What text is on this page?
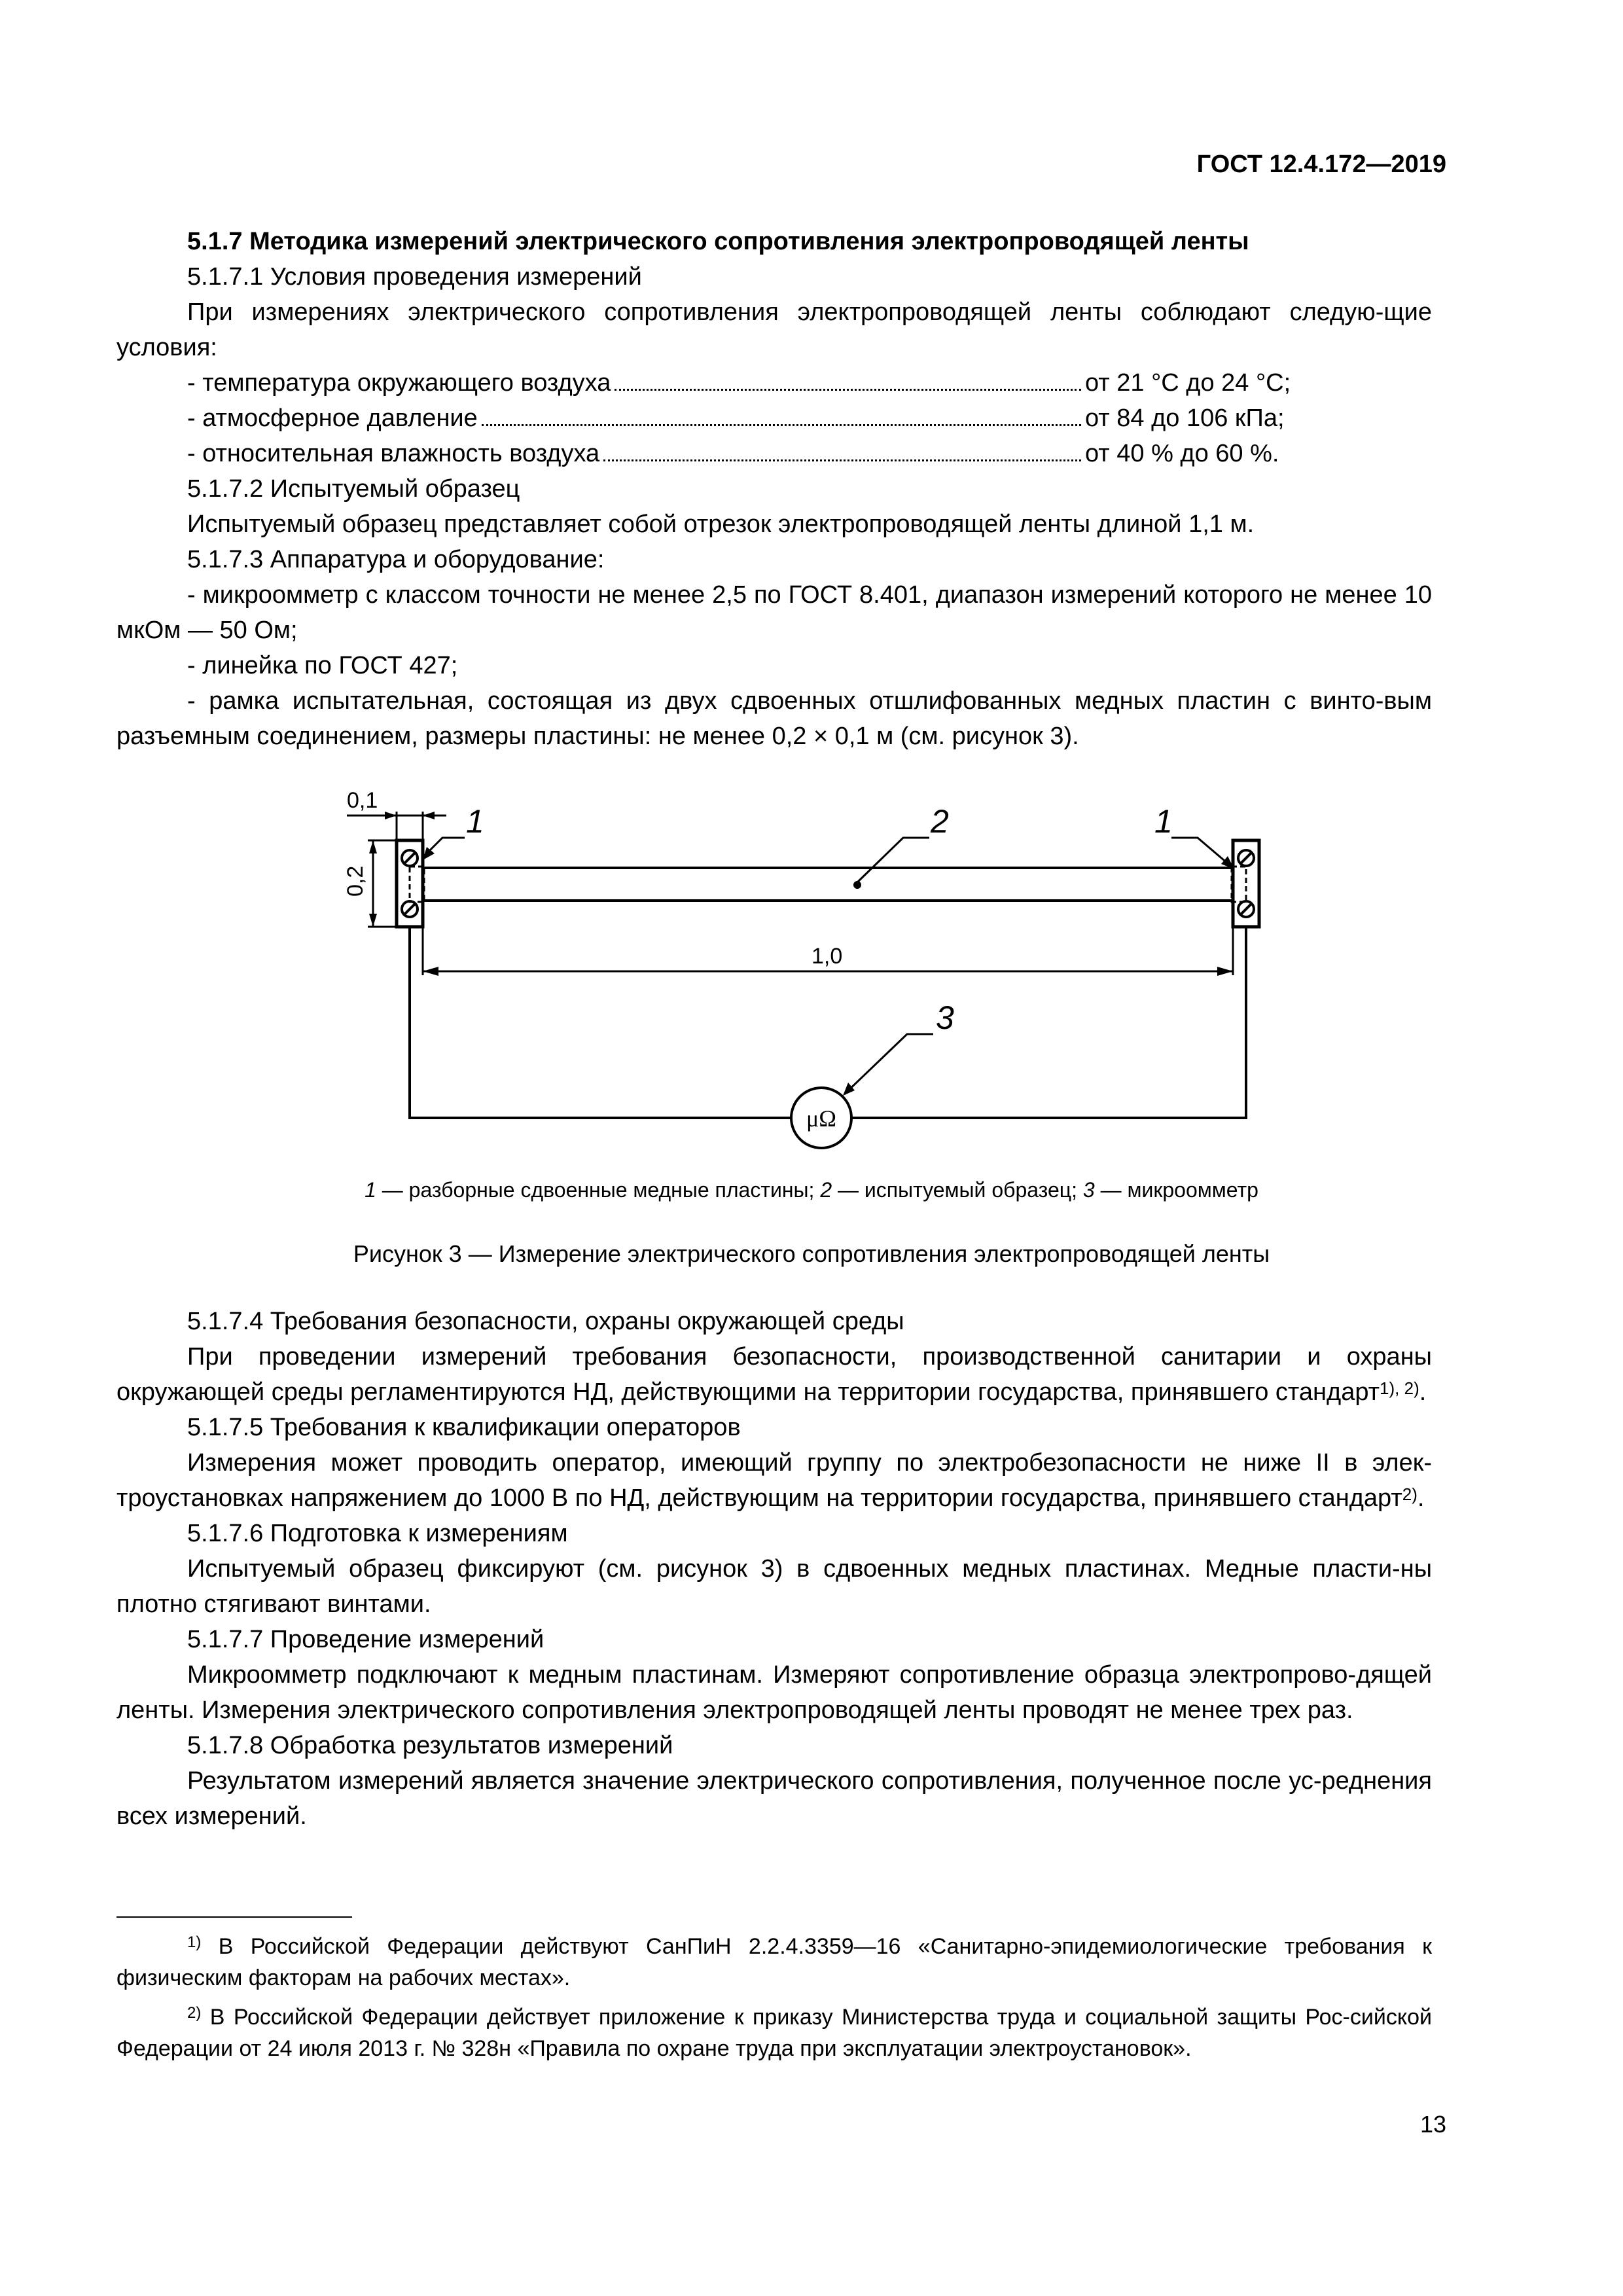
ГОСТ 12.4.172—2019

5.1.7 Методика измерений электрического сопротивления электропроводящей ленты

5.1.7.1 Условия проведения измерений

При измерениях электрического сопротивления электропроводящей ленты соблюдают следую-щие условия:

- температура окружающего воздуха	от 21 °С до 24 °С;
- атмосферное давление	от 84 до 106 кПа;
- относительная влажность воздуха	от 40 % до 60 %.

5.1.7.2 Испытуемый образец

Испытуемый образец представляет собой отрезок электропроводящей ленты длиной 1,1 м.

5.1.7.3 Аппаратура и оборудование:

- микроомметр с классом точности не менее 2,5 по ГОСТ 8.401, диапазон измерений которого не менее 10 мкОм — 50 Ом;

- линейка по ГОСТ 427;

- рамка испытательная, состоящая из двух сдвоенных отшлифованных медных пластин с винто-вым разъемным соединением, размеры пластины: не менее 0,2 × 0,1 м (см. рисунок 3).

0,1
0,2
1,0
1	2	1
3
μΩ
1 — разборные сдвоенные медные пластины; 2 — испытуемый образец; 3 — микроомметр
Рисунок 3 — Измерение электрического сопротивления электропроводящей ленты

5.1.7.4 Требования безопасности, охраны окружающей среды

При проведении измерений требования безопасности, производственной санитарии и охраны окружающей среды регламентируются НД, действующими на территории государства, принявшего стандарт$^{1), 2)}$.

5.1.7.5 Требования к квалификации операторов

Измерения может проводить оператор, имеющий группу по электробезопасности не ниже II в элек-троустановках напряжением до 1000 В по НД, действующим на территории государства, принявшего стандарт$^{2)}$.

5.1.7.6 Подготовка к измерениям

Испытуемый образец фиксируют (см. рисунок 3) в сдвоенных медных пластинах. Медные пласти-ны плотно стягивают винтами.

5.1.7.7 Проведение измерений

Микроомметр подключают к медным пластинам. Измеряют сопротивление образца электропрово-дящей ленты. Измерения электрического сопротивления электропроводящей ленты проводят не менее трех раз.

5.1.7.8 Обработка результатов измерений

Результатом измерений является значение электрического сопротивления, полученное после ус-реднения всех измерений.

$^{1)}$ В Российской Федерации действуют СанПиН 2.2.4.3359—16 «Санитарно-эпидемиологические требования к физическим факторам на рабочих местах».
$^{2)}$ В Российской Федерации действует приложение к приказу Министерства труда и социальной защиты Рос-сийской Федерации от 24 июля 2013 г. № 328н «Правила по охране труда при эксплуатации электроустановок».
13
